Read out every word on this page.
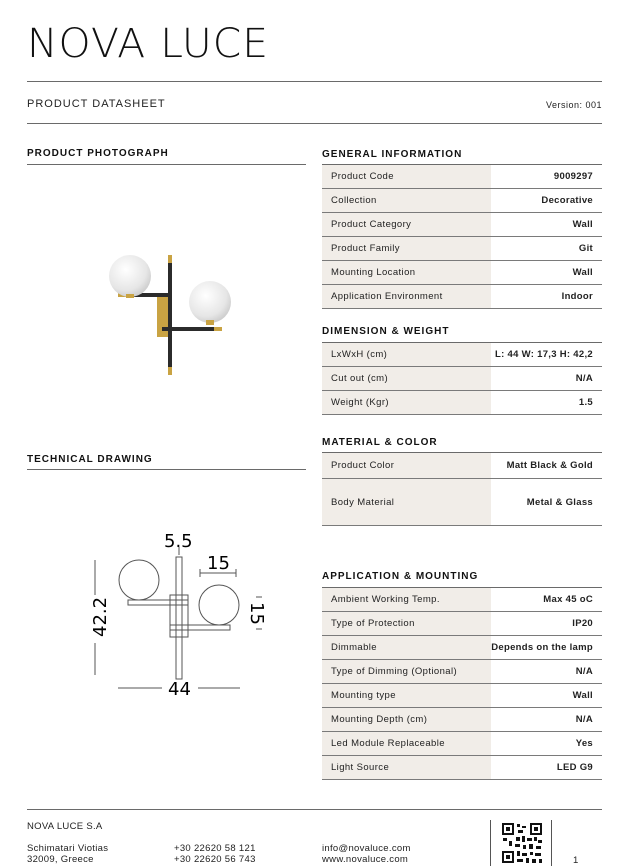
NOVA LUCE
PRODUCT DATASHEET	Version: 001
PRODUCT PHOTOGRAPH
TECHNICAL DRAWING
5.5
15
42.2	15
44
GENERAL INFORMATION
Product Code	9009297
Collection	Decorative
Product Category	Wall
Product Family	Git
Mounting Location	Wall
Application Environment	Indoor
DIMENSION & WEIGHT
LxWxH (cm)	L: 44 W: 17,3 H: 42,2
Cut out (cm)	N/A
Weight (Kgr)	1.5
MATERIAL & COLOR
Product Color	Matt Black & Gold
Body Material	Metal & Glass
APPLICATION & MOUNTING
Ambient Working Temp.	Max 45 oC
Type of Protection	IP20
Dimmable	Depends on the lamp
Type of Dimming (Optional)	N/A
Mounting type	Wall
Mounting Depth (cm)	N/A
Led Module Replaceable	Yes
Light Source	LED G9
NOVA LUCE S.A
Schimatari Viotias
32009, Greece
+30 22620 58 121
+30 22620 56 743
info@novaluce.com
www.novaluce.com	1
